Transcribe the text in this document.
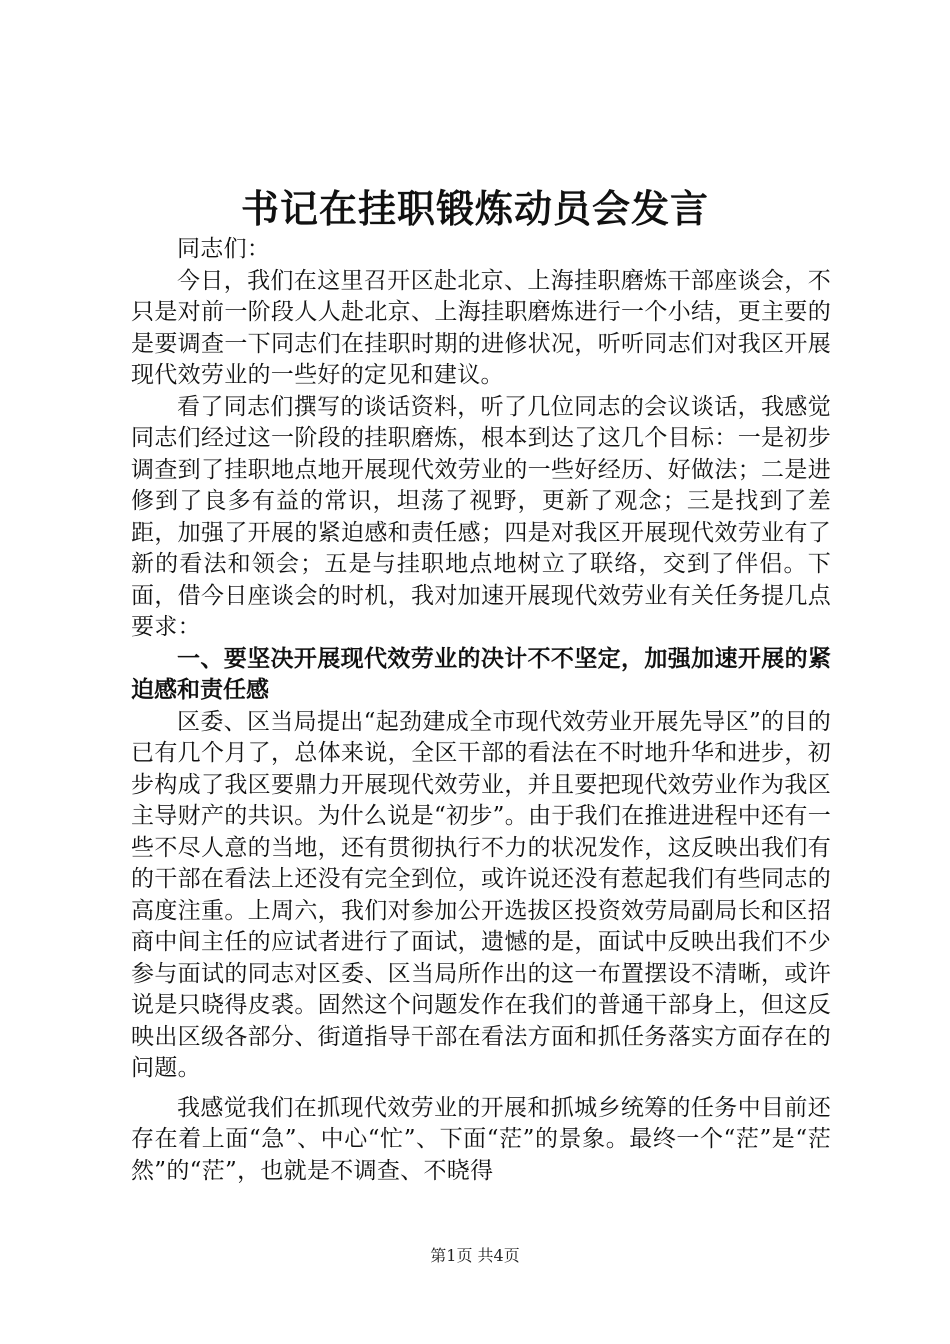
书记在挂职锻炼动员会发言

同志们：

今日，我们在这里召开区赴北京、上海挂职磨炼干部座谈会，不只是对前一阶段人人赴北京、上海挂职磨炼进行一个小结，更主要的是要调查一下同志们在挂职时期的进修状况，听听同志们对我区开展现代效劳业的一些好的定见和建议。

看了同志们撰写的谈话资料，听了几位同志的会议谈话，我感觉同志们经过这一阶段的挂职磨炼，根本到达了这几个目标：一是初步调查到了挂职地点地开展现代效劳业的一些好经历、好做法；二是进修到了良多有益的常识，坦荡了视野，更新了观念；三是找到了差距，加强了开展的紧迫感和责任感；四是对我区开展现代效劳业有了新的看法和领会；五是与挂职地点地树立了联络，交到了伴侣。下面，借今日座谈会的时机，我对加速开展现代效劳业有关任务提几点要求：

一、要坚决开展现代效劳业的决计不不坚定，加强加速开展的紧迫感和责任感

区委、区当局提出“起劲建成全市现代效劳业开展先导区”的目的已有几个月了，总体来说，全区干部的看法在不时地升华和进步，初步构成了我区要鼎力开展现代效劳业，并且要把现代效劳业作为我区主导财产的共识。为什么说是“初步”。由于我们在推进进程中还有一些不尽人意的当地，还有贯彻执行不力的状况发作，这反映出我们有的干部在看法上还没有完全到位，或许说还没有惹起我们有些同志的高度注重。上周六，我们对参加公开选拔区投资效劳局副局长和区招商中间主任的应试者进行了面试，遗憾的是，面试中反映出我们不少参与面试的同志对区委、区当局所作出的这一布置摆设不清晰，或许说是只晓得皮裘。固然这个问题发作在我们的普通干部身上，但这反映出区级各部分、街道指导干部在看法方面和抓任务落实方面存在的问题。

我感觉我们在抓现代效劳业的开展和抓城乡统筹的任务中目前还存在着上面“急”、中心“忙”、下面“茫”的景象。最终一个“茫”是“茫然”的“茫”，也就是不调查、不晓得

第1页 共4页
